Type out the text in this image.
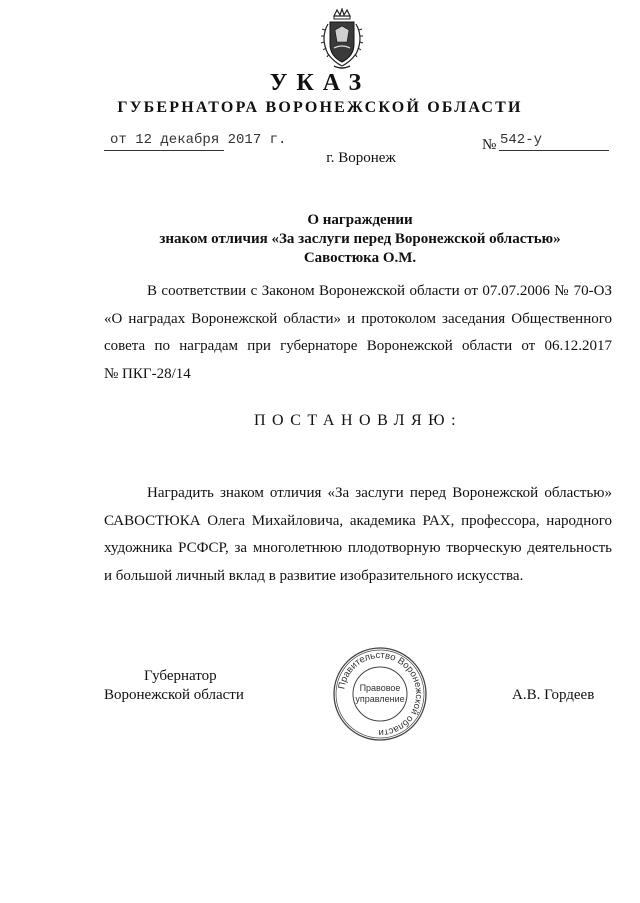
УКАЗ
ГУБЕРНАТОРА ВОРОНЕЖСКОЙ ОБЛАСТИ
от 12 декабря 2017 г.	№ 542-у
г. Воронеж
О награждении
знаком отличия «За заслуги перед Воронежской областью»
Савостюка О.М.
В соответствии с Законом Воронежской области от 07.07.2006 № 70-ОЗ
«О наградах Воронежской области» и протоколом заседания Общественного
совета по наградам при губернаторе Воронежской области от 06.12.2017
№ ПКГ-28/14
ПОСТАНОВЛЯЮ:
Наградить знаком отличия «За заслуги перед Воронежской областью»
САВОСТЮКА Олега Михайловича, академика РАХ, профессора, народного
художника РСФСР, за многолетнюю плодотворную творческую деятельность
и большой личный вклад в развитие изобразительного искусства.
Губернатор
Воронежской области	А.В. Гордеев
Правительство Воронежской области
Правовое
управление
